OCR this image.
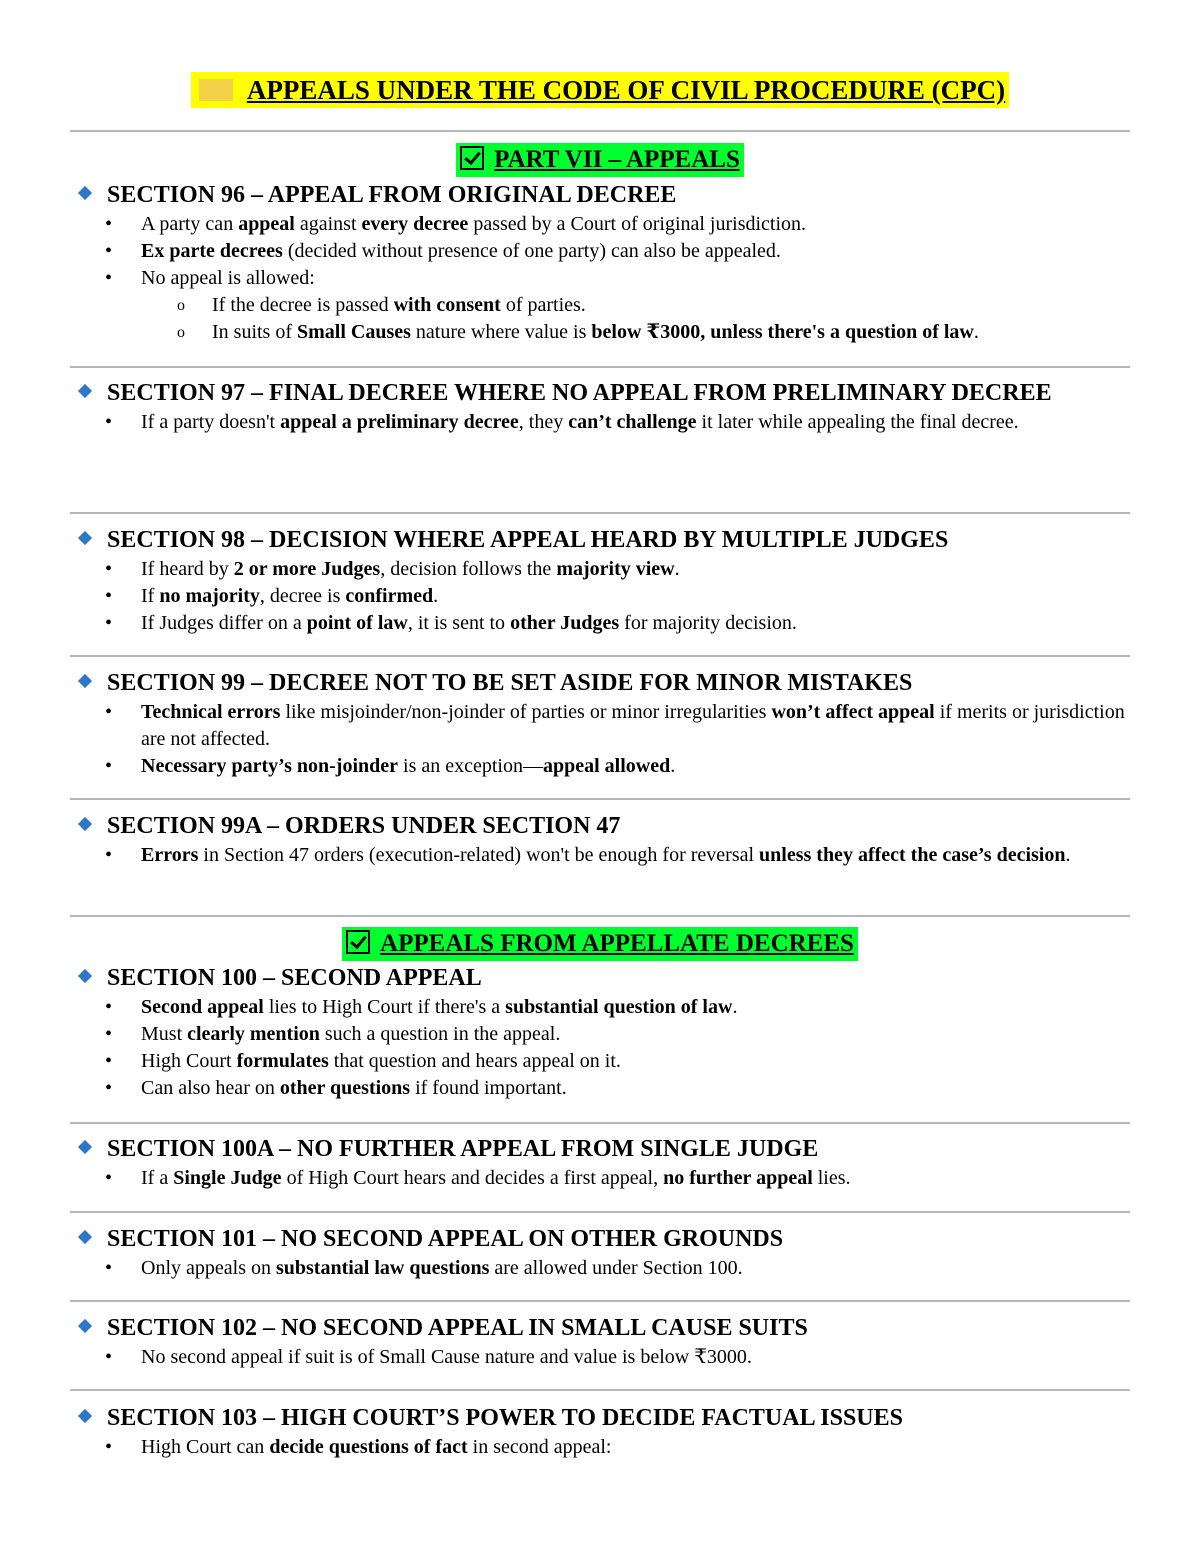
APPEALS UNDER THE CODE OF CIVIL PROCEDURE (CPC)
PART VII – APPEALS
SECTION 96 – APPEAL FROM ORIGINAL DECREE
• A party can appeal against every decree passed by a Court of original jurisdiction.
• Ex parte decrees (decided without presence of one party) can also be appealed.
• No appeal is allowed:
o If the decree is passed with consent of parties.
o In suits of Small Causes nature where value is below ₹3000, unless there's a question of law.
SECTION 97 – FINAL DECREE WHERE NO APPEAL FROM PRELIMINARY DECREE
• If a party doesn't appeal a preliminary decree, they can’t challenge it later while appealing the final decree.
SECTION 98 – DECISION WHERE APPEAL HEARD BY MULTIPLE JUDGES
• If heard by 2 or more Judges, decision follows the majority view.
• If no majority, decree is confirmed.
• If Judges differ on a point of law, it is sent to other Judges for majority decision.
SECTION 99 – DECREE NOT TO BE SET ASIDE FOR MINOR MISTAKES
• Technical errors like misjoinder/non-joinder of parties or minor irregularities won’t affect appeal if merits or jurisdiction are not affected.
• Necessary party’s non-joinder is an exception—appeal allowed.
SECTION 99A – ORDERS UNDER SECTION 47
• Errors in Section 47 orders (execution-related) won't be enough for reversal unless they affect the case’s decision.
APPEALS FROM APPELLATE DECREES
SECTION 100 – SECOND APPEAL
• Second appeal lies to High Court if there's a substantial question of law.
• Must clearly mention such a question in the appeal.
• High Court formulates that question and hears appeal on it.
• Can also hear on other questions if found important.
SECTION 100A – NO FURTHER APPEAL FROM SINGLE JUDGE
• If a Single Judge of High Court hears and decides a first appeal, no further appeal lies.
SECTION 101 – NO SECOND APPEAL ON OTHER GROUNDS
• Only appeals on substantial law questions are allowed under Section 100.
SECTION 102 – NO SECOND APPEAL IN SMALL CAUSE SUITS
• No second appeal if suit is of Small Cause nature and value is below ₹3000.
SECTION 103 – HIGH COURT’S POWER TO DECIDE FACTUAL ISSUES
• High Court can decide questions of fact in second appeal:
